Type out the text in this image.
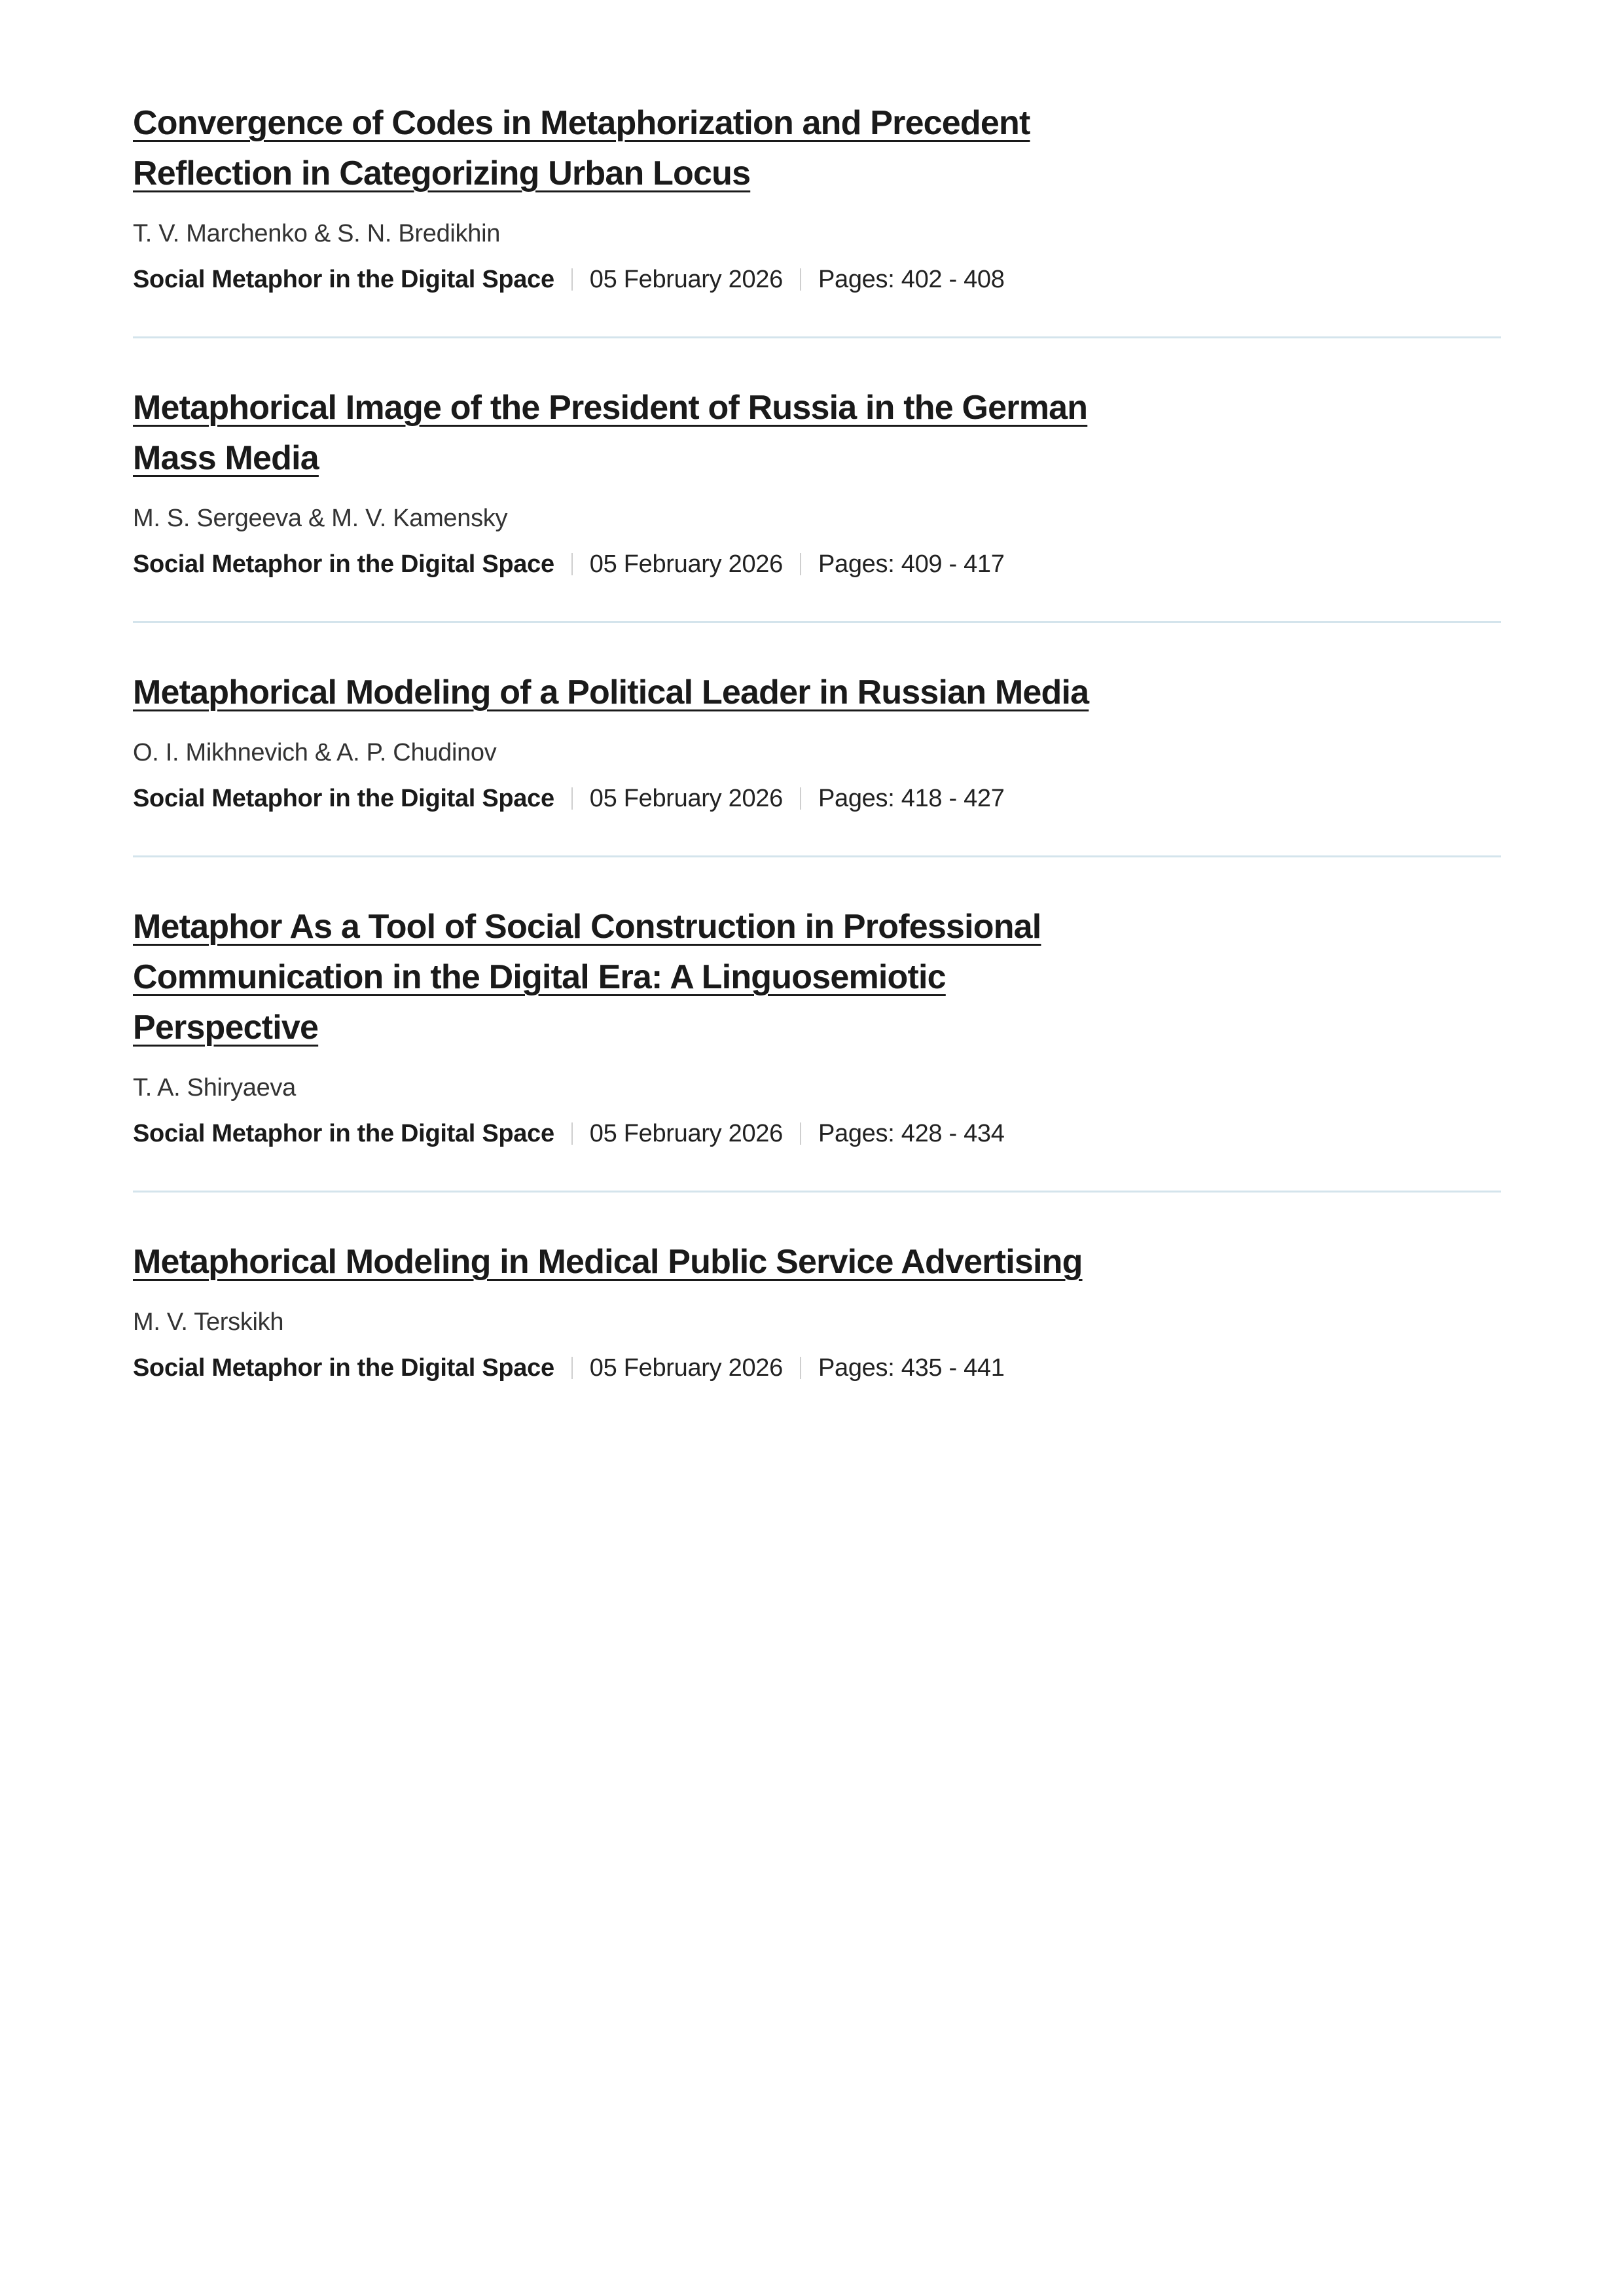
Convergence of Codes in Metaphorization and Precedent Reflection in Categorizing Urban Locus
T. V. Marchenko & S. N. Bredikhin
Social Metaphor in the Digital Space 05 February 2026 Pages: 402 - 408
Metaphorical Image of the President of Russia in the German Mass Media
M. S. Sergeeva & M. V. Kamensky
Social Metaphor in the Digital Space 05 February 2026 Pages: 409 - 417
Metaphorical Modeling of a Political Leader in Russian Media
O. I. Mikhnevich & A. P. Chudinov
Social Metaphor in the Digital Space 05 February 2026 Pages: 418 - 427
Metaphor As a Tool of Social Construction in Professional Communication in the Digital Era: A Linguosemiotic Perspective
T. A. Shiryaeva
Social Metaphor in the Digital Space 05 February 2026 Pages: 428 - 434
Metaphorical Modeling in Medical Public Service Advertising
M. V. Terskikh
Social Metaphor in the Digital Space 05 February 2026 Pages: 435 - 441
